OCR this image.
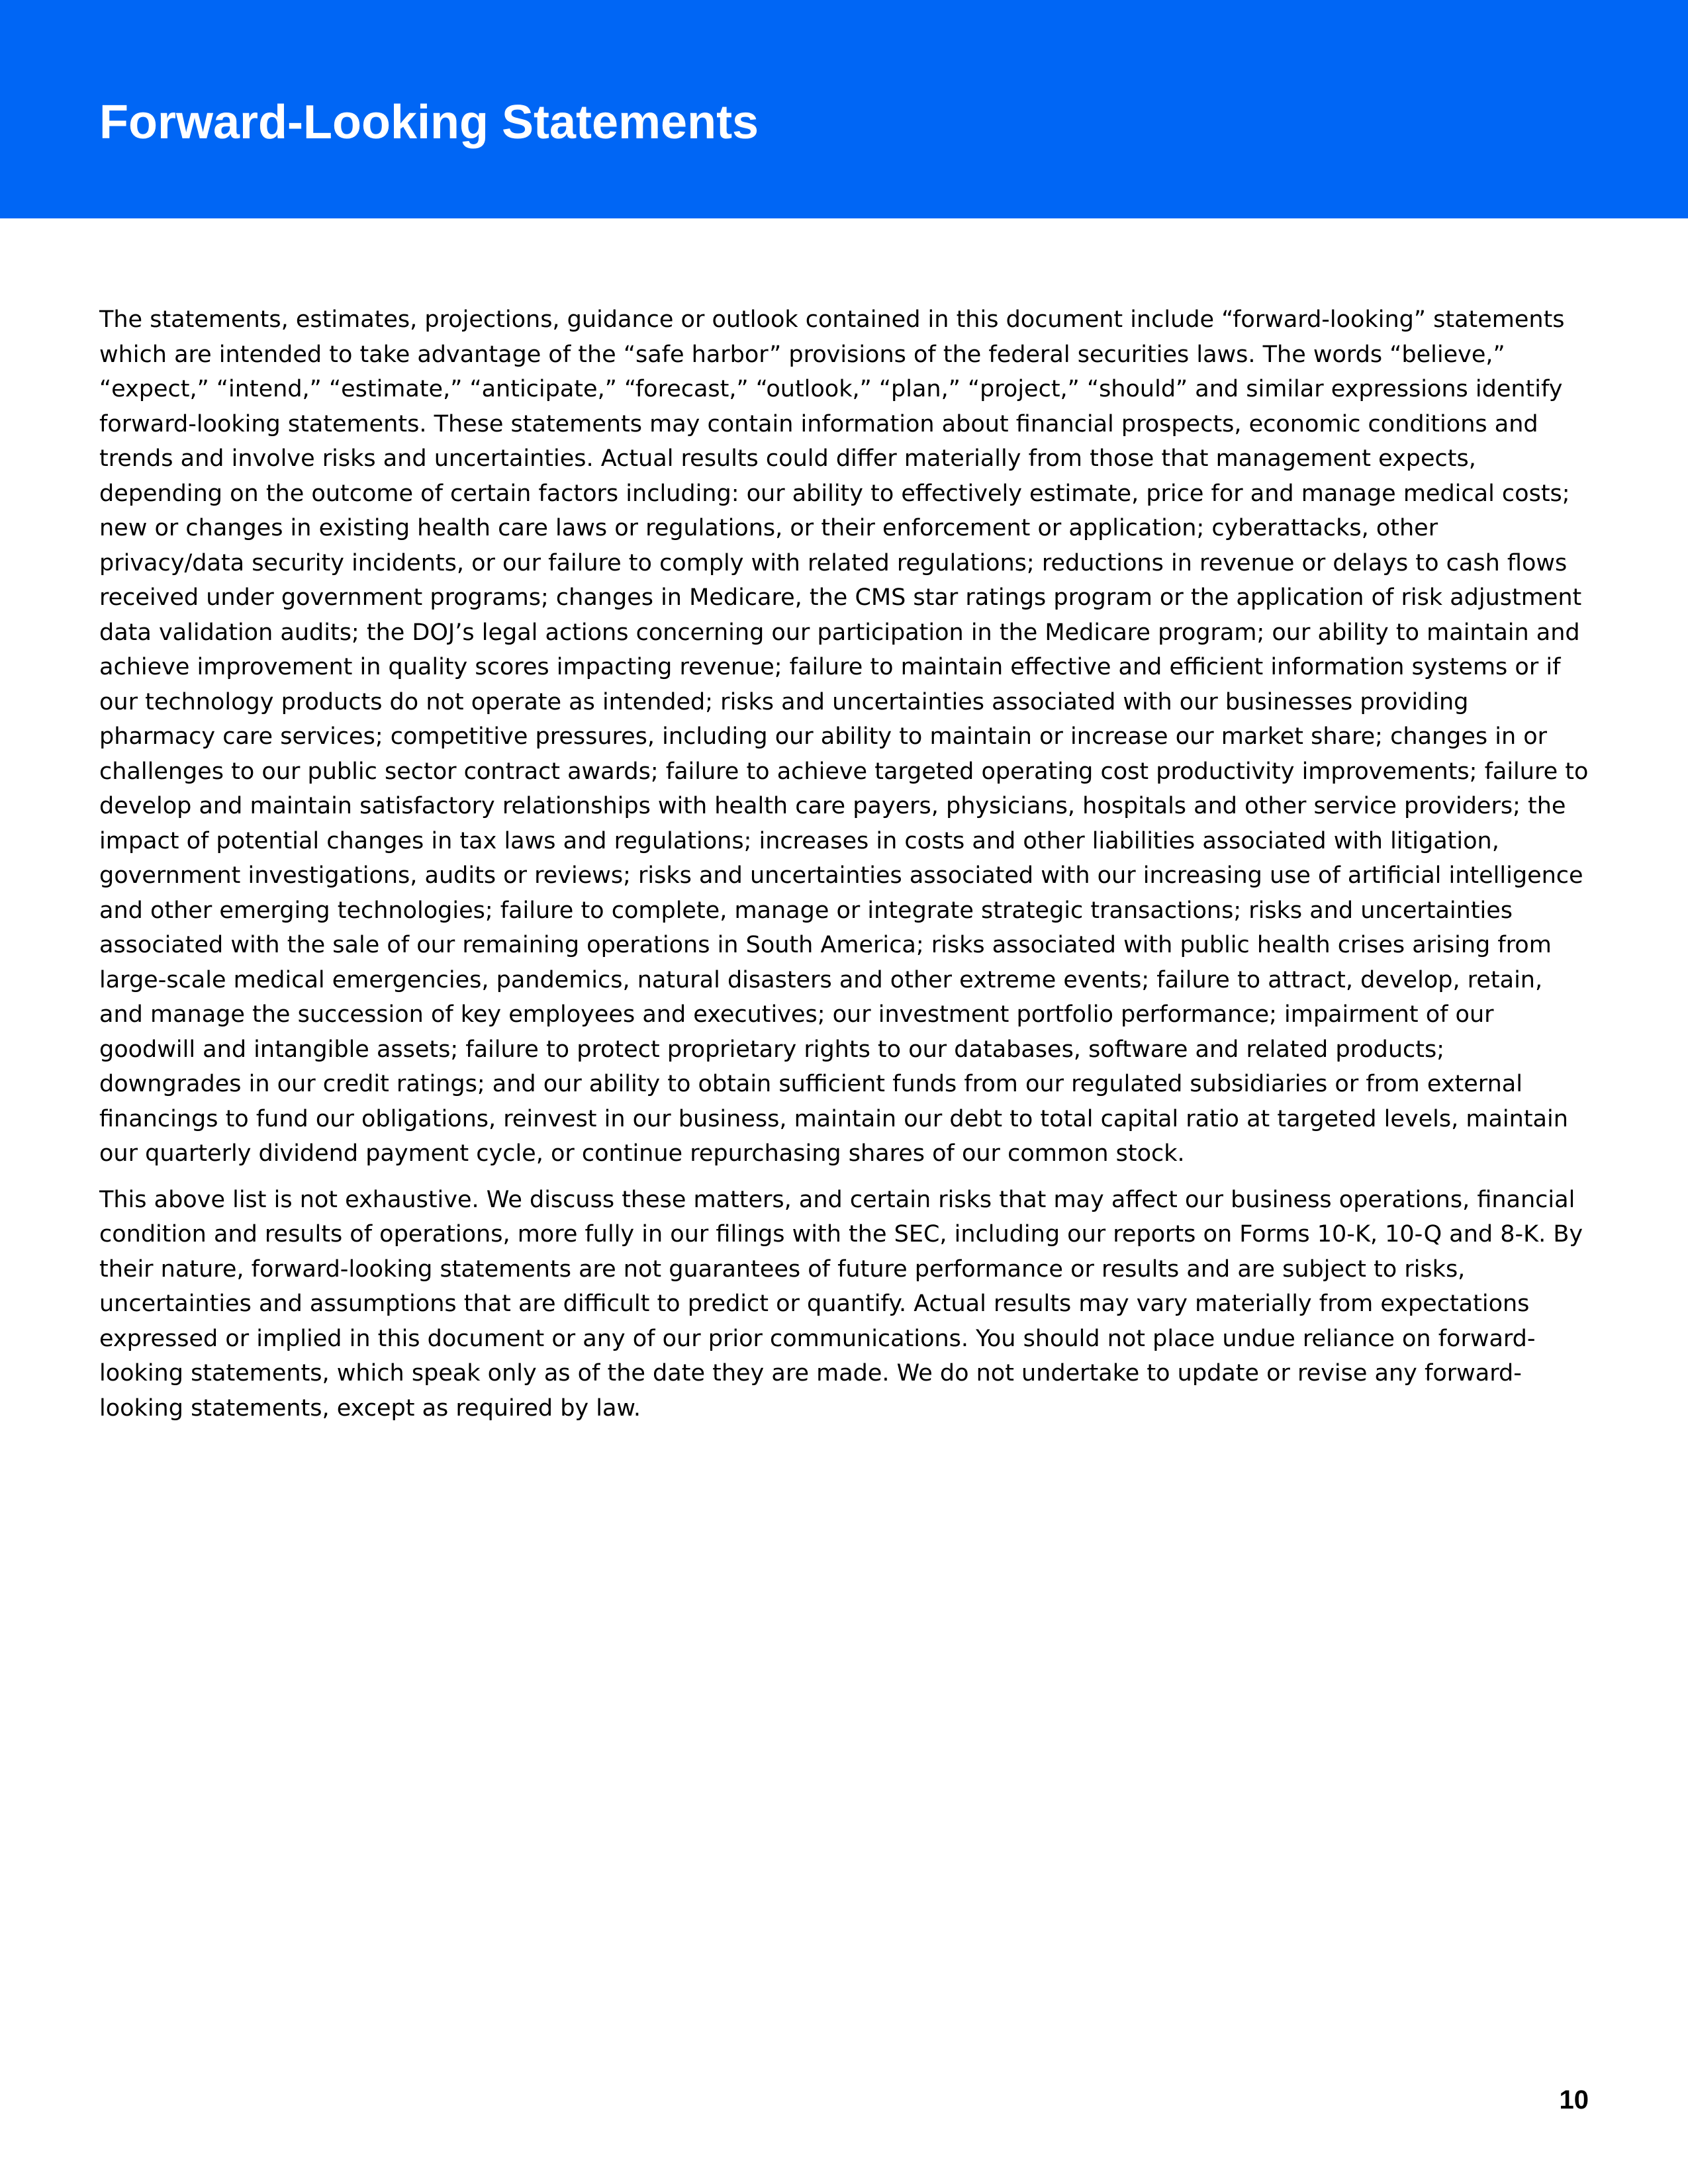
Forward-Looking Statements

The statements, estimates, projections, guidance or outlook contained in this document include “forward-looking” statements which are intended to take advantage of the “safe harbor” provisions of the federal securities laws. The words “believe,” “expect,” “intend,” “estimate,” “anticipate,” “forecast,” “outlook,” “plan,” “project,” “should” and similar expressions identify forward-looking statements. These statements may contain information about financial prospects, economic conditions and trends and involve risks and uncertainties. Actual results could differ materially from those that management expects, depending on the outcome of certain factors including: our ability to effectively estimate, price for and manage medical costs; new or changes in existing health care laws or regulations, or their enforcement or application; cyberattacks, other privacy/data security incidents, or our failure to comply with related regulations; reductions in revenue or delays to cash flows received under government programs; changes in Medicare, the CMS star ratings program or the application of risk adjustment data validation audits; the DOJ’s legal actions concerning our participation in the Medicare program; our ability to maintain and achieve improvement in quality scores impacting revenue; failure to maintain effective and efficient information systems or if our technology products do not operate as intended; risks and uncertainties associated with our businesses providing pharmacy care services; competitive pressures, including our ability to maintain or increase our market share; changes in or challenges to our public sector contract awards; failure to achieve targeted operating cost productivity improvements; failure to develop and maintain satisfactory relationships with health care payers, physicians, hospitals and other service providers; the impact of potential changes in tax laws and regulations; increases in costs and other liabilities associated with litigation, government investigations, audits or reviews; risks and uncertainties associated with our increasing use of artificial intelligence and other emerging technologies; failure to complete, manage or integrate strategic transactions; risks and uncertainties associated with the sale of our remaining operations in South America; risks associated with public health crises arising from large-scale medical emergencies, pandemics, natural disasters and other extreme events; failure to attract, develop, retain, and manage the succession of key employees and executives; our investment portfolio performance; impairment of our goodwill and intangible assets; failure to protect proprietary rights to our databases, software and related products; downgrades in our credit ratings; and our ability to obtain sufficient funds from our regulated subsidiaries or from external financings to fund our obligations, reinvest in our business, maintain our debt to total capital ratio at targeted levels, maintain our quarterly dividend payment cycle, or continue repurchasing shares of our common stock.

This above list is not exhaustive. We discuss these matters, and certain risks that may affect our business operations, financial condition and results of operations, more fully in our filings with the SEC, including our reports on Forms 10-K, 10-Q and 8-K. By their nature, forward-looking statements are not guarantees of future performance or results and are subject to risks, uncertainties and assumptions that are difficult to predict or quantify. Actual results may vary materially from expectations expressed or implied in this document or any of our prior communications. You should not place undue reliance on forward-looking statements, which speak only as of the date they are made. We do not undertake to update or revise any forward-looking statements, except as required by law.

10
